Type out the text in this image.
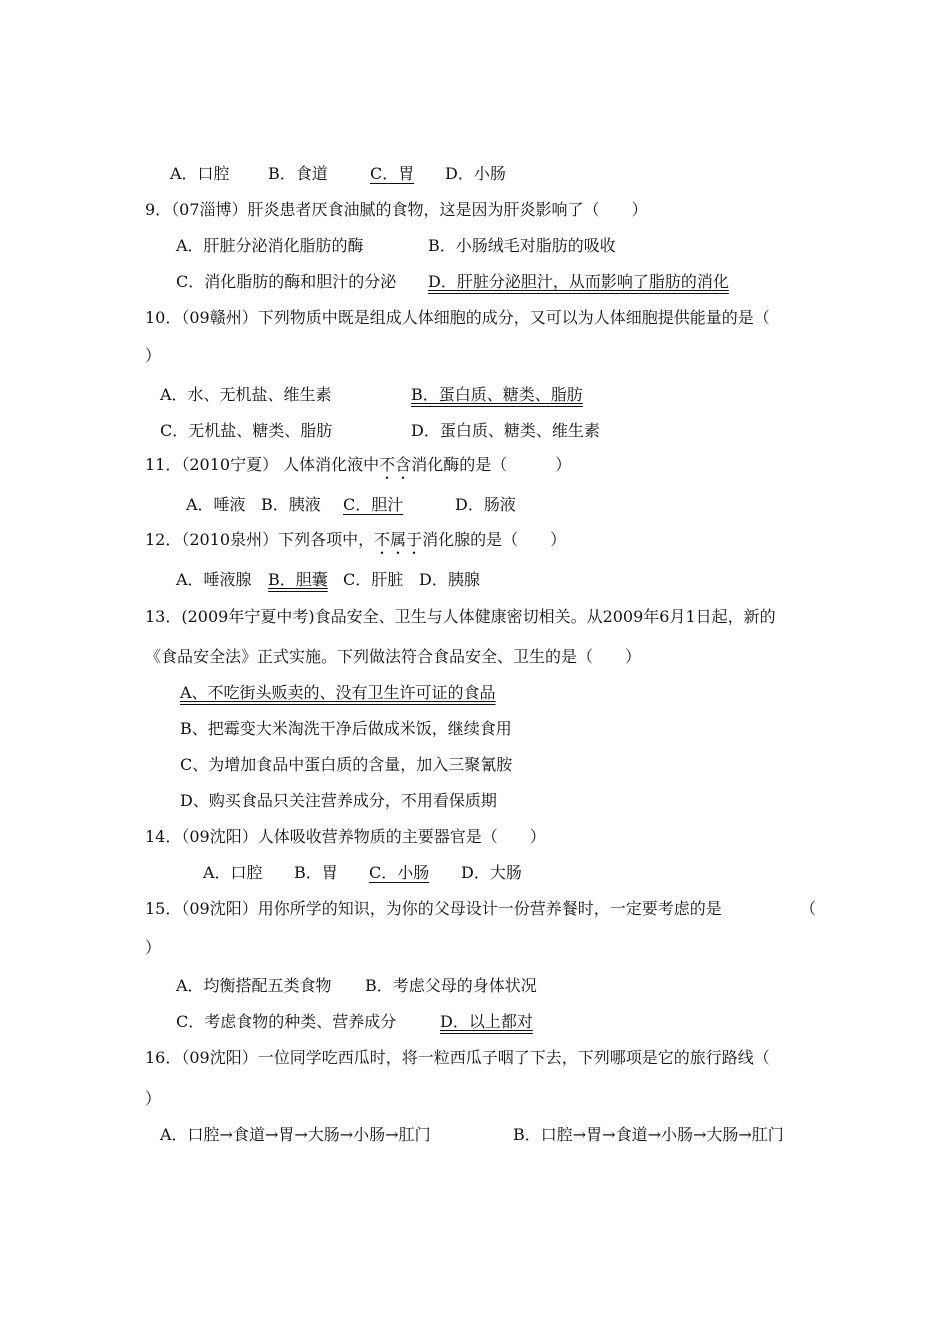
A．口腔 B．食道	C．胃	D．小肠
9．（07淄博）肝炎患者厌食油腻的食物，这是因为肝炎影响了（　　）
A．肝脏分泌消化脂肪的酶	B．小肠绒毛对脂肪的吸收
C．消化脂肪的酶和胆汁的分泌 D．肝脏分泌胆汁，从而影响了脂肪的消化
10．（09赣州）下列物质中既是组成人体细胞的成分，又可以为人体细胞提供能量的是（
）
A．水、无机盐、维生素	B．蛋白质、糖类、脂肪
C．无机盐、糖类、脂肪	D．蛋白质、糖类、维生素
11．（2010宁夏） 人体消化液中不含消化酶的是（　　　）
A．唾液 B．胰液	C．胆汁	D．肠液
12．（2010泉州）下列各项中，不属于消化腺的是（　　）
A．唾液腺 B．胆囊 C．肝脏 D．胰腺
13．(2009年宁夏中考)食品安全、卫生与人体健康密切相关。从2009年6月1日起，新的
《食品安全法》正式实施。下列做法符合食品安全、卫生的是（　　）
A、不吃街头贩卖的、没有卫生许可证的食品
B、把霉变大米淘洗干净后做成米饭，继续食用
C、为增加食品中蛋白质的含量，加入三聚氰胺
D、购买食品只关注营养成分，不用看保质期
14．（09沈阳）人体吸收营养物质的主要器官是（　　）
A．口腔 B．胃 C．小肠 D．大肠
15．（09沈阳）用你所学的知识，为你的父母设计一份营养餐时，一定要考虑的是	（
）
A．均衡搭配五类食物 B．考虑父母的身体状况
C．考虑食物的种类、营养成分	D．以上都对
16．（09沈阳）一位同学吃西瓜时，将一粒西瓜子咽了下去，下列哪项是它的旅行路线（
）
A．口腔→食道→胃→大肠→小肠→肛门	B．口腔→胃→食道→小肠→大肠→肛门
